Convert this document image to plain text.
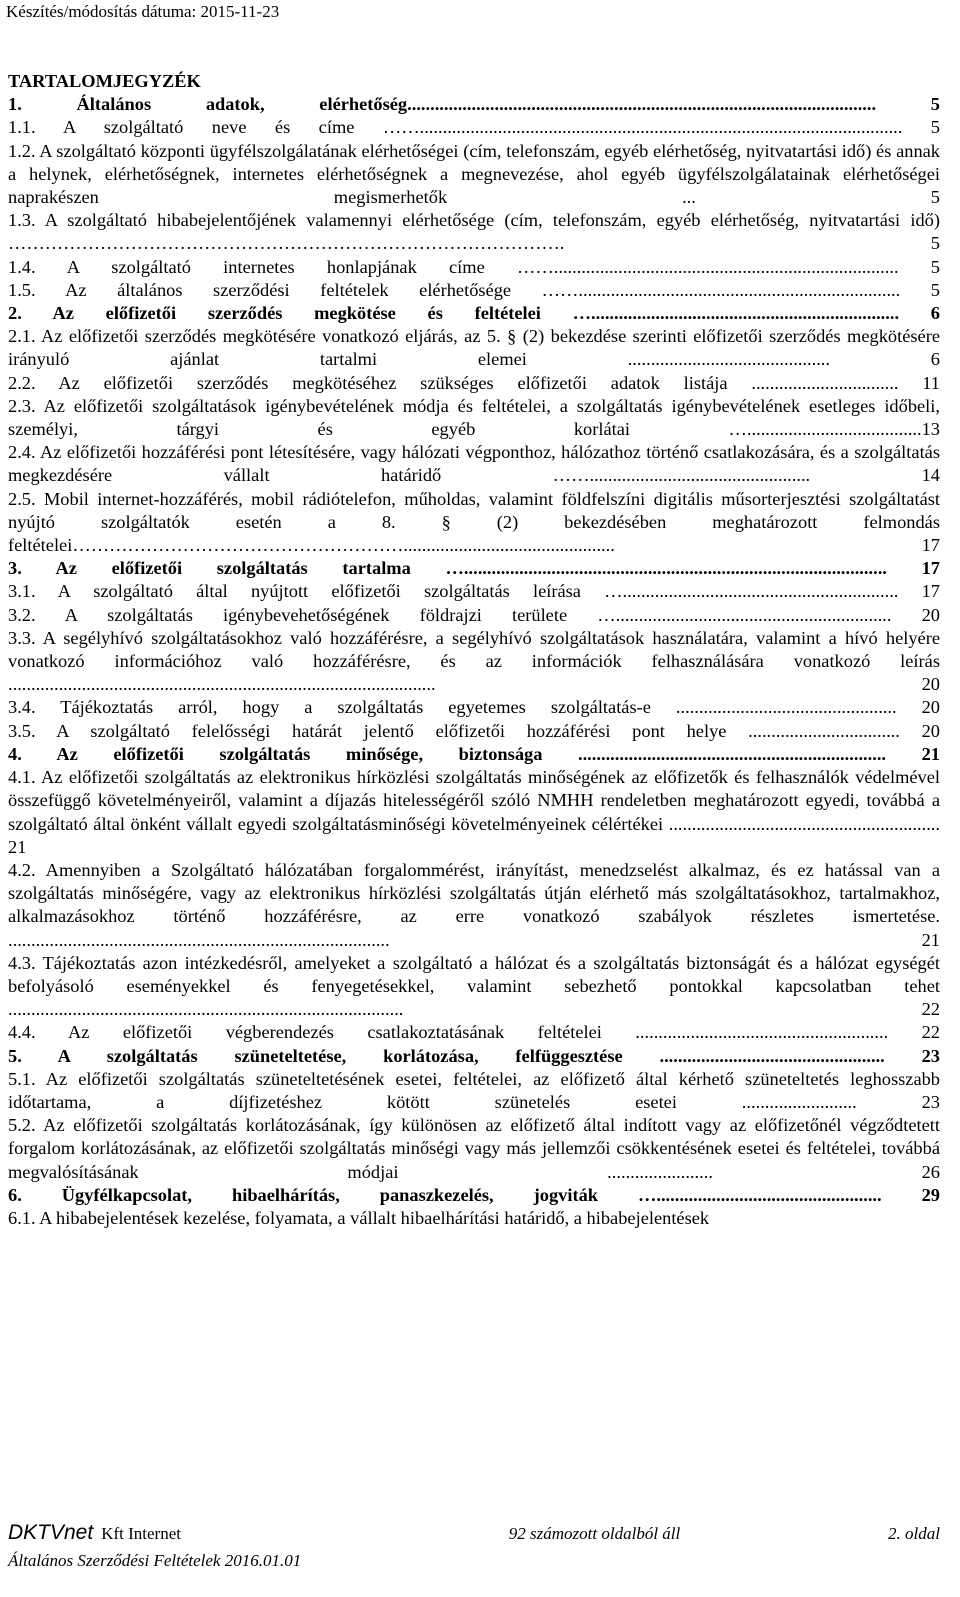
Készítés/módosítás dátuma: 2015-11-23
TARTALOMJEGYZÉK

1. Általános adatok, elérhetőség...................................................................................................... 5

1.1. A szolgáltató neve és címe ……......................................................................................................... 5

1.2. A szolgáltató központi ügyfélszolgálatának elérhetőségei (cím, telefonszám, egyéb elérhetőség, nyitvatartási idő) és annak a helynek, elérhetőségnek, internetes elérhetőségnek a megnevezése, ahol egyéb ügyfélszolgálatainak elérhetőségei naprakészen megismerhetők ... 5

1.3. A szolgáltató hibabejelentőjének valamennyi elérhetősége (cím, telefonszám, egyéb elérhetőség, nyitvatartási idő) ………………………………………………………………………………. 5

1.4. A szolgáltató internetes honlapjának címe ……........................................................................... 5

1.5. Az általános szerződési feltételek elérhetősége ……...................................................................... 5

2. Az előfizetői szerződés megkötése és feltételei …................................................................... 6

2.1. Az előfizetői szerződés megkötésére vonatkozó eljárás, az 5. § (2) bekezdése szerinti előfizetői szerződés megkötésére irányuló ajánlat tartalmi elemei ............................................ 6

2.2. Az előfizetői szerződés megkötéséhez szükséges előfizetői adatok listája ................................ 11

2.3. Az előfizetői szolgáltatások igénybevételének módja és feltételei, a szolgáltatás igénybevételének esetleges időbeli, személyi, tárgyi és egyéb korlátai …......................................13

2.4. Az előfizetői hozzáférési pont létesítésére, vagy hálózati végponthoz, hálózathoz történő csatlakozására, és a szolgáltatás megkezdésére vállalt határidő ……................................................ 14

2.5. Mobil internet-hozzáférés, mobil rádiótelefon, műholdas, valamint földfelszíni digitális műsorterjesztési szolgáltatást nyújtó szolgáltatók esetén a 8. § (2) bekezdésében meghatározott felmondás feltételei……………………………………………….............................................. 17

3. Az előfizetői szolgáltatás tartalma …............................................................................................ 17

3.1. A szolgáltató által nyújtott előfizetői szolgáltatás leírása …............................................................ 17

3.2. A szolgáltatás igénybevehetőségének földrajzi területe …............................................................ 20

3.3. A segélyhívó szolgáltatásokhoz való hozzáférésre, a segélyhívó szolgáltatások használatára, valamint a hívó helyére vonatkozó információhoz való hozzáférésre, és az információk felhasználására vonatkozó leírás ............................................................................................. 20

3.4. Tájékoztatás arról, hogy a szolgáltatás egyetemes szolgáltatás-e ................................................ 20

3.5. A szolgáltató felelősségi határát jelentő előfizetői hozzáférési pont helye ................................. 20

4. Az előfizetői szolgáltatás minősége, biztonsága ................................................................... 21

4.1. Az előfizetői szolgáltatás az elektronikus hírközlési szolgáltatás minőségének az előfizetők és felhasználók védelmével összefüggő követelményeiről, valamint a díjazás hitelességéről szóló NMHH rendeletben meghatározott egyedi, továbbá a szolgáltató által önként vállalt egyedi szolgáltatásminőségi követelményeinek célértékei ........................................................... 21

4.2. Amennyiben a Szolgáltató hálózatában forgalommérést, irányítást, menedzselést alkalmaz, és ez hatással van a szolgáltatás minőségére, vagy az elektronikus hírközlési szolgáltatás útján elérhető más szolgáltatásokhoz, tartalmakhoz, alkalmazásokhoz történő hozzáférésre, az erre vonatkozó szabályok részletes ismertetése. ................................................................................... 21

4.3. Tájékoztatás azon intézkedésről, amelyeket a szolgáltató a hálózat és a szolgáltatás biztonságát és a hálózat egységét befolyásoló eseményekkel és fenyegetésekkel, valamint sebezhető pontokkal kapcsolatban tehet ...................................................................................... 22

4.4. Az előfizetői végberendezés csatlakoztatásának feltételei ....................................................... 22

5. A szolgáltatás szüneteltetése, korlátozása, felfüggesztése ................................................. 23

5.1. Az előfizetői szolgáltatás szüneteltetésének esetei, feltételei, az előfizető által kérhető szüneteltetés leghosszabb időtartama, a díjfizetéshez kötött szünetelés esetei ......................... 23

5.2. Az előfizetői szolgáltatás korlátozásának, így különösen az előfizető által indított vagy az előfizetőnél végződtetett forgalom korlátozásának, az előfizetői szolgáltatás minőségi vagy más jellemzői csökkentésének esetei és feltételei, továbbá megvalósításának módjai ....................... 26

6. Ügyfélkapcsolat, hibaelhárítás, panaszkezelés, jogviták …................................................. 29

6.1. A hibabejelentések kezelése, folyamata, a vállalt hibaelhárítási határidő, a hibabejelentések

DKTVnet Kft Internet	92 számozott oldalból áll	2. oldal
Általános Szerződési Feltételek 2016.01.01
